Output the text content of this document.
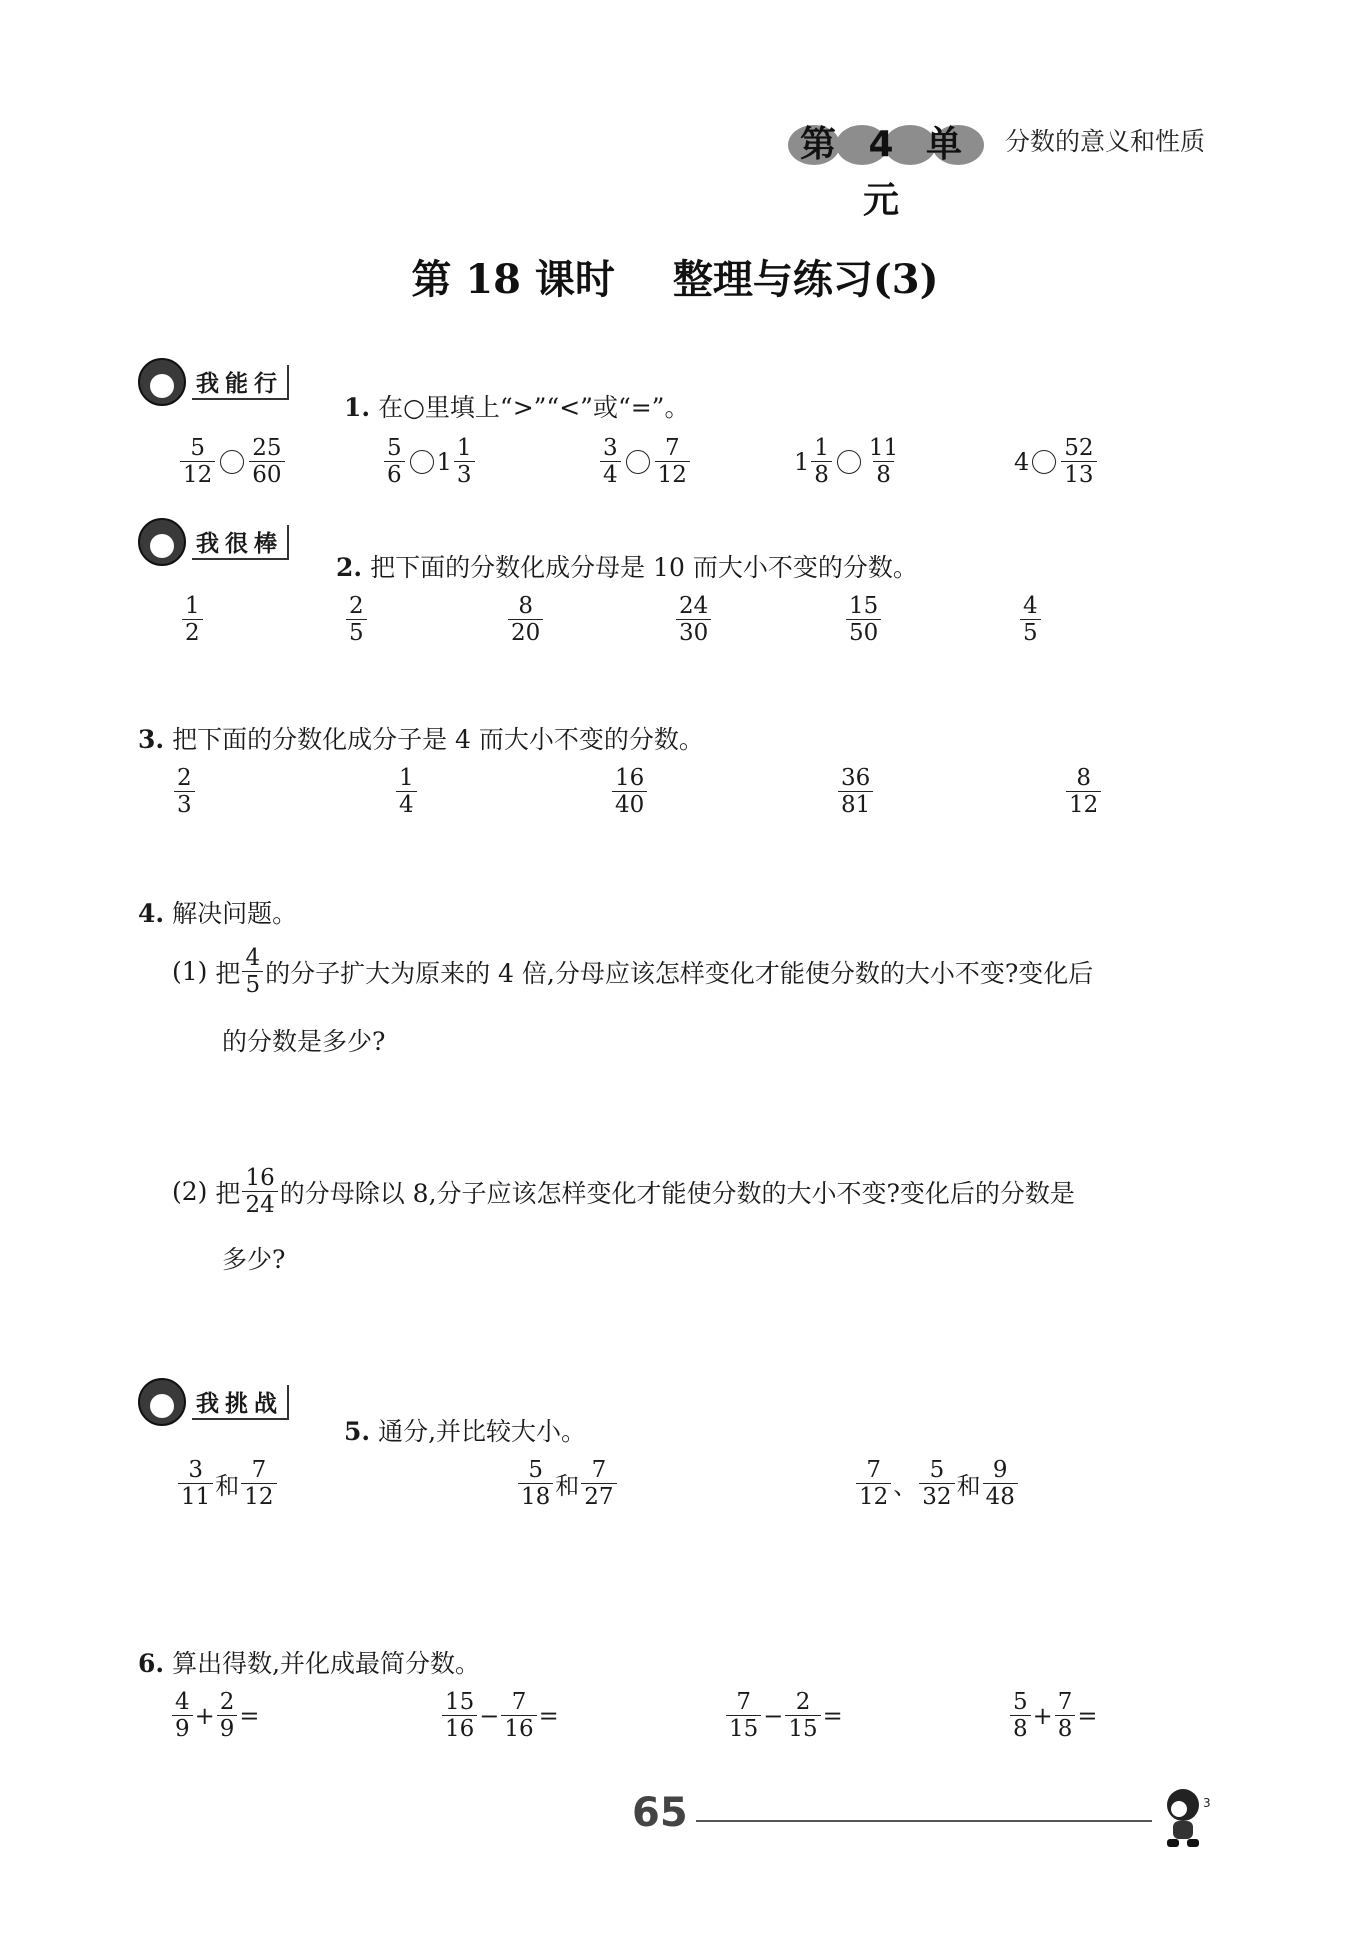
第 4 单元
分数的意义和性质
第 18 课时 整理与练习(3)
我能行
1. 在○里填上“>”“<”或“=”。
$\frac{5}{12} \frac{25}{60}$	$\frac{5}{6} 1 \frac{1}{3}$	$\frac{3}{4} \frac{7}{12}$	$1 \frac{1}{8} \frac{11}{8}$	$4 \frac{52}{13}$
我很棒
2. 把下面的分数化成分母是 10 而大小不变的分数。
$\frac{1}{2}$	$\frac{2}{5}$	$\frac{8}{20}$	$\frac{24}{30}$	$\frac{15}{50}$	$\frac{4}{5}$
3. 把下面的分数化成分子是 4 而大小不变的分数。
$\frac{2}{3}$	$\frac{1}{4}$	$\frac{16}{40}$	$\frac{36}{81}$	$\frac{8}{12}$
4. 解决问题。
(1) 把 $\frac{4}{5}$ 的分子扩大为原来的 4 倍,分母应该怎样变化才能使分数的大小不变?变化后
的分数是多少?
(2) 把 $\frac{16}{24}$ 的分母除以 8,分子应该怎样变化才能使分数的大小不变?变化后的分数是
多少?
我挑战
5. 通分,并比较大小。
$\frac{3}{11}$ 和 $\frac{7}{12}$	$\frac{5}{18}$ 和 $\frac{7}{27}$	$\frac{7}{12}$ 、 $\frac{5}{32}$ 和 $\frac{9}{48}$
6. 算出得数,并化成最简分数。
$\frac{4}{9} + \frac{2}{9}$ =	$\frac{15}{16} - \frac{7}{16}$ =	$\frac{7}{15} - \frac{2}{15}$ =	$\frac{5}{8} + \frac{7}{8}$ =
65	3
